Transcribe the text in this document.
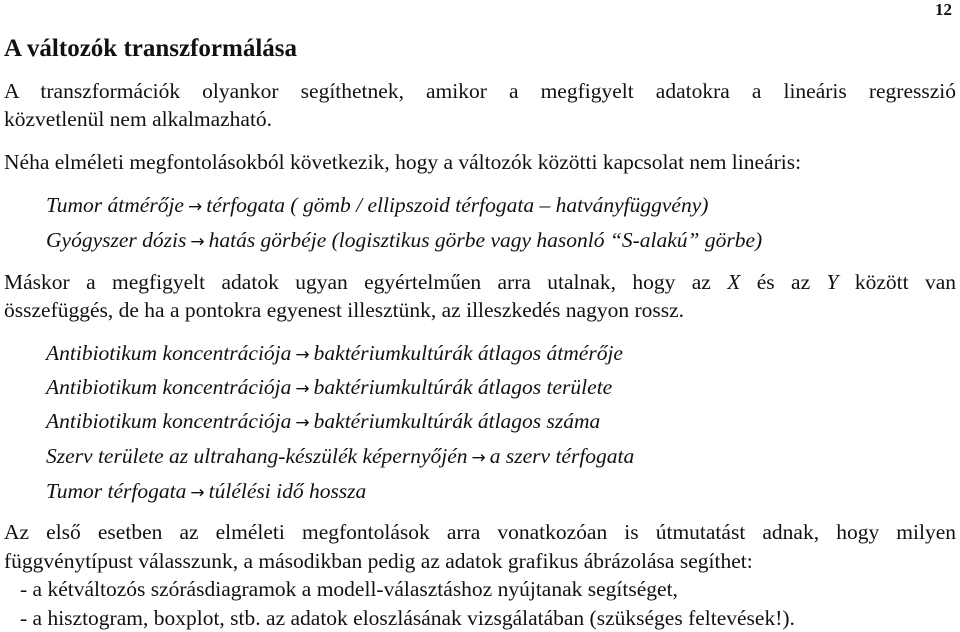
12
A változók transzformálása
A transzformációk olyankor segíthetnek, amikor a megfigyelt adatokra a lineáris regresszió
közvetlenül nem alkalmazható.
Néha elméleti megfontolásokból következik, hogy a változók közötti kapcsolat nem lineáris:
Tumor átmérője → térfogata ( gömb / ellipszoid térfogata – hatványfüggvény)
Gyógyszer dózis → hatás görbéje (logisztikus görbe vagy hasonló “S-alakú” görbe)
Máskor a megfigyelt adatok ugyan egyértelműen arra utalnak, hogy az X és az Y között van
összefüggés, de ha a pontokra egyenest illesztünk, az illeszkedés nagyon rossz.
Antibiotikum koncentrációja → baktériumkultúrák átlagos átmérője
Antibiotikum koncentrációja → baktériumkultúrák átlagos területe
Antibiotikum koncentrációja → baktériumkultúrák átlagos száma
Szerv területe az ultrahang-készülék képernyőjén → a szerv térfogata
Tumor térfogata → túlélési idő hossza
Az első esetben az elméleti megfontolások arra vonatkozóan is útmutatást adnak, hogy milyen
függvénytípust válasszunk, a másodikban pedig az adatok grafikus ábrázolása segíthet:
- a kétváltozós szórásdiagramok a modell-választáshoz nyújtanak segítséget,
- a hisztogram, boxplot, stb. az adatok eloszlásának vizsgálatában (szükséges feltevések!).
